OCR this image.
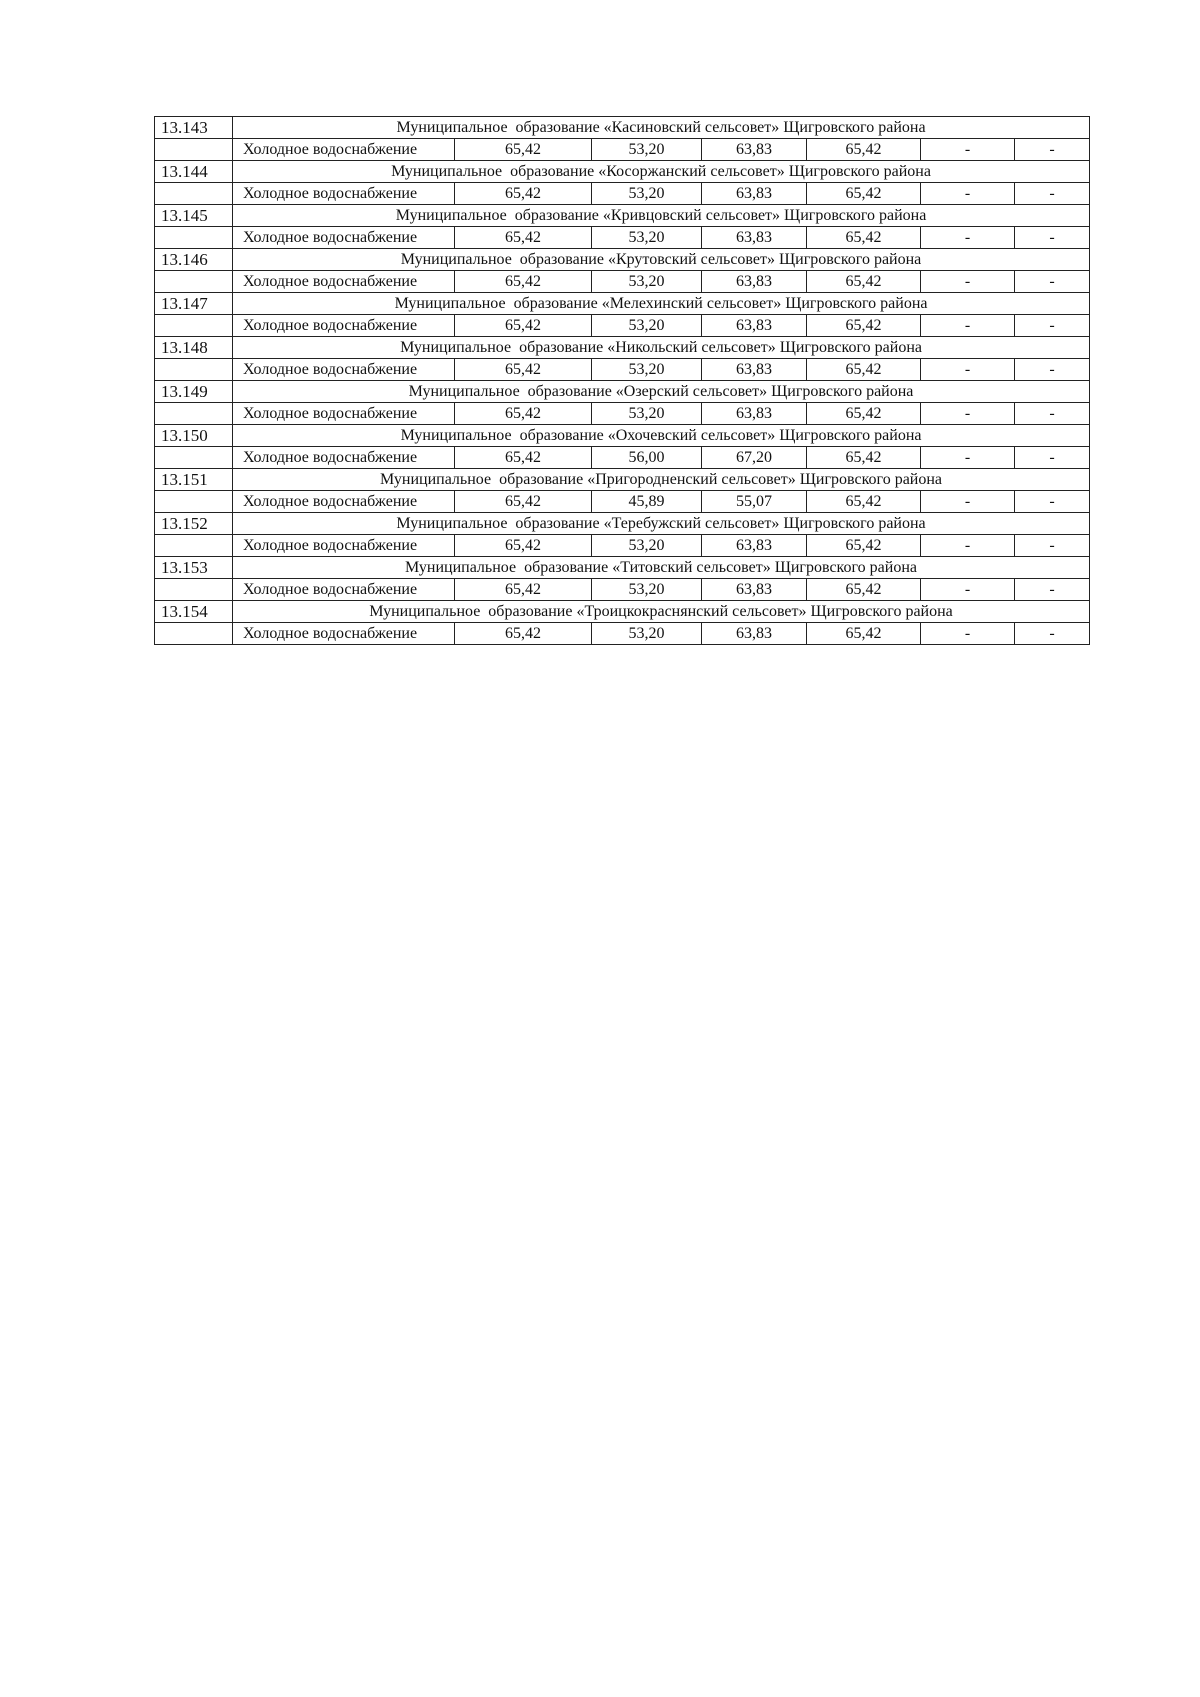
13.143	Муниципальное  образование «Касиновский сельсовет» Щигровского района						
	Холодное водоснабжение	65,42	53,20	63,83	65,42	-	-
13.144	Муниципальное  образование «Косоржанский сельсовет» Щигровского района						
	Холодное водоснабжение	65,42	53,20	63,83	65,42	-	-
13.145	Муниципальное  образование «Кривцовский сельсовет» Щигровского района						
	Холодное водоснабжение	65,42	53,20	63,83	65,42	-	-
13.146	Муниципальное  образование «Крутовский сельсовет» Щигровского района						
	Холодное водоснабжение	65,42	53,20	63,83	65,42	-	-
13.147	Муниципальное  образование «Мелехинский сельсовет» Щигровского района						
	Холодное водоснабжение	65,42	53,20	63,83	65,42	-	-
13.148	Муниципальное  образование «Никольский сельсовет» Щигровского района						
	Холодное водоснабжение	65,42	53,20	63,83	65,42	-	-
13.149	Муниципальное  образование «Озерский сельсовет» Щигровского района						
	Холодное водоснабжение	65,42	53,20	63,83	65,42	-	-
13.150	Муниципальное  образование «Охочевский сельсовет» Щигровского района						
	Холодное водоснабжение	65,42	56,00	67,20	65,42	-	-
13.151	Муниципальное  образование «Пригородненский сельсовет» Щигровского района						
	Холодное водоснабжение	65,42	45,89	55,07	65,42	-	-
13.152	Муниципальное  образование «Теребужский сельсовет» Щигровского района						
	Холодное водоснабжение	65,42	53,20	63,83	65,42	-	-
13.153	Муниципальное  образование «Титовский сельсовет» Щигровского района						
	Холодное водоснабжение	65,42	53,20	63,83	65,42	-	-
13.154	Муниципальное  образование «Троицкокраснянский сельсовет» Щигровского района						
	Холодное водоснабжение	65,42	53,20	63,83	65,42	-	-
